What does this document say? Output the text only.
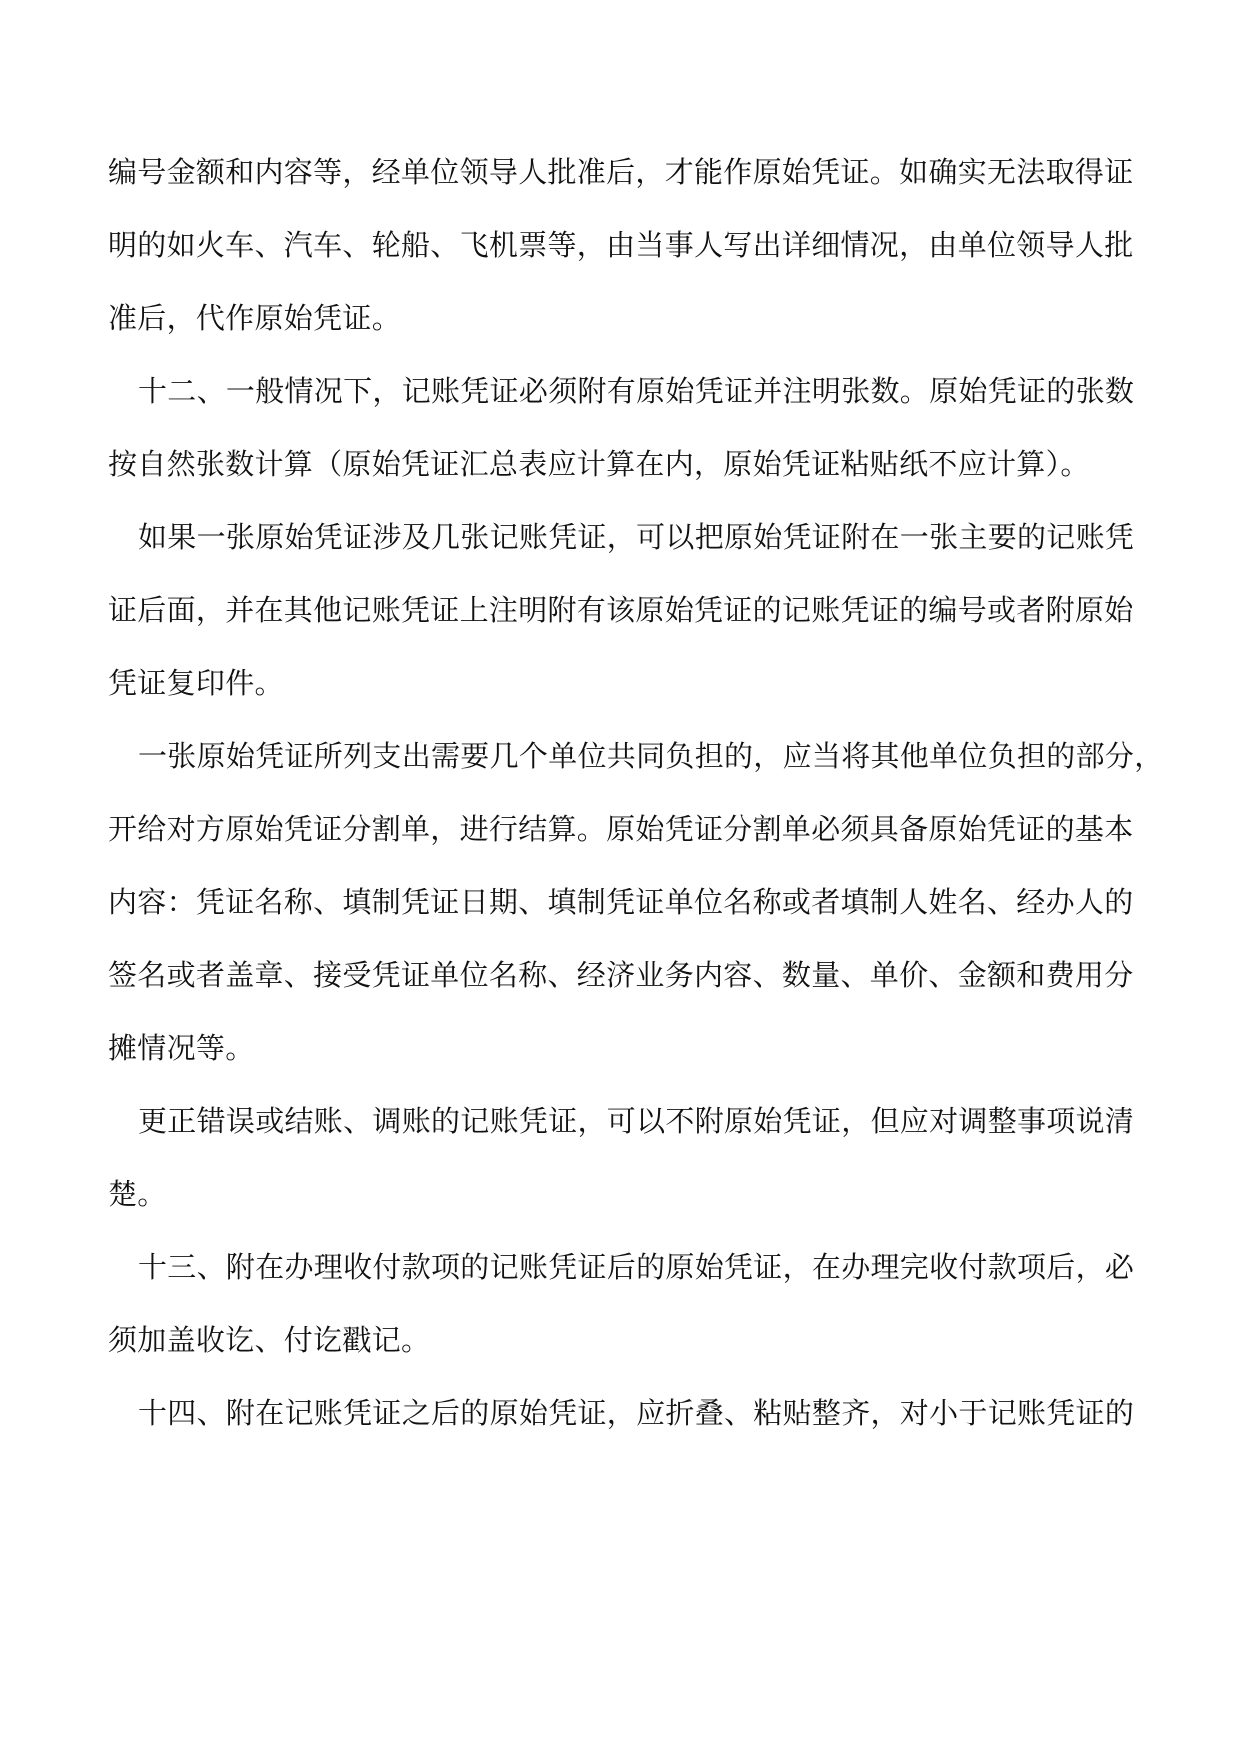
编号金额和内容等，经单位领导人批准后，才能作原始凭证。如确实无法取得证
明的如火车、汽车、轮船、飞机票等，由当事人写出详细情况，由单位领导人批
准后，代作原始凭证。
十二、一般情况下，记账凭证必须附有原始凭证并注明张数。原始凭证的张数
按自然张数计算（原始凭证汇总表应计算在内，原始凭证粘贴纸不应计算）。
如果一张原始凭证涉及几张记账凭证，可以把原始凭证附在一张主要的记账凭
证后面，并在其他记账凭证上注明附有该原始凭证的记账凭证的编号或者附原始
凭证复印件。
一张原始凭证所列支出需要几个单位共同负担的，应当将其他单位负担的部分，
开给对方原始凭证分割单，进行结算。原始凭证分割单必须具备原始凭证的基本
内容：凭证名称、填制凭证日期、填制凭证单位名称或者填制人姓名、经办人的
签名或者盖章、接受凭证单位名称、经济业务内容、数量、单价、金额和费用分
摊情况等。
更正错误或结账、调账的记账凭证，可以不附原始凭证，但应对调整事项说清
楚。
十三、附在办理收付款项的记账凭证后的原始凭证，在办理完收付款项后，必
须加盖收讫、付讫戳记。
十四、附在记账凭证之后的原始凭证，应折叠、粘贴整齐，对小于记账凭证的
